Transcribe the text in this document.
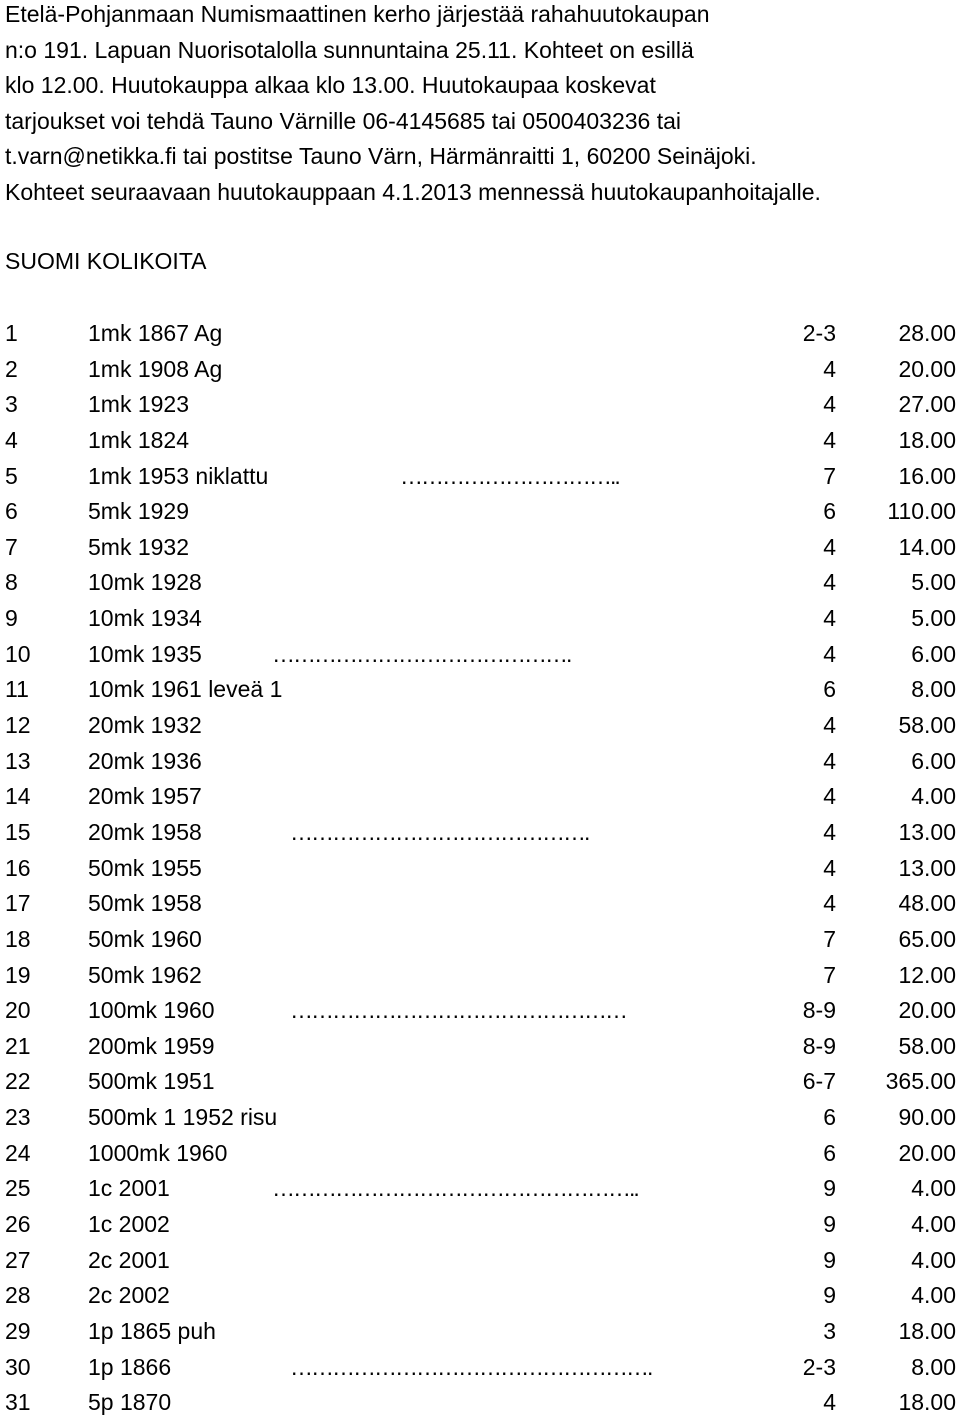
Etelä-Pohjanmaan Numismaattinen kerho järjestää rahahuutokaupan
n:o 191. Lapuan Nuorisotalolla sunnuntaina 25.11. Kohteet on esillä
klo 12.00. Huutokauppa alkaa klo 13.00. Huutokaupaa koskevat
tarjoukset voi tehdä Tauno Värnille 06-4145685 tai 0500403236 tai
t.varn@netikka.fi tai postitse Tauno Värn, Härmänraitti 1, 60200 Seinäjoki.
Kohteet seuraavaan huutokauppaan 4.1.2013 mennessä huutokaupanhoitajalle.
SUOMI KOLIKOITA
1	1mk 1867 Ag	2-3	28.00
2	1mk 1908 Ag	4	20.00
3	1mk 1923	4	27.00
4	1mk 1824	4	18.00
5	1mk 1953 niklattu	7	16.00
…………………………..
6	5mk 1929	6 110.00
7	5mk 1932	4	14.00
8	10mk 1928	4	5.00
9	10mk 1934	4	5.00
10 10mk 1935	4	6.00
…………………………………….
11	10mk 1961 leveä 1	6	8.00
12 20mk 1932	4	58.00
13 20mk 1936	4	6.00
14 20mk 1957	4	4.00
15 20mk 1958	4	13.00
…………………………………….
16 50mk 1955	4	13.00
17 50mk 1958	4	48.00
18 50mk 1960	7	65.00
19 50mk 1962	7	12.00
20 100mk 1960	8-9	20.00
…………………………………………
21 200mk 1959	8-9	58.00
22 500mk 1951	6-7 365.00
23 500mk 1 1952 risu	6	90.00
24 1000mk 1960	6	20.00
25 1c 2001	9	4.00
……………………………………………..
26 1c 2002	9	4.00
27 2c 2001	9	4.00
28 2c 2002	9	4.00
29 1p 1865 puh	3	18.00
30 1p 1866	2-3	8.00
…………………………………………….
31 5p 1870	4	18.00
